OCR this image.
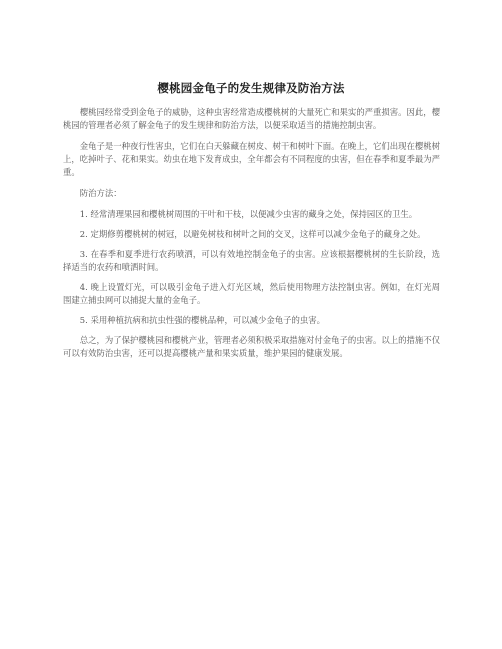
樱桃园金龟子的发生规律及防治方法

樱桃园经常受到金龟子的威胁，这种虫害经常造成樱桃树的大量死亡和果实的严重损害。因此，樱桃园的管理者必须了解金龟子的发生规律和防治方法，以便采取适当的措施控制虫害。

金龟子是一种夜行性害虫，它们在白天躲藏在树皮、树干和树叶下面。在晚上，它们出现在樱桃树上，吃掉叶子、花和果实。幼虫在地下发育成虫，全年都会有不同程度的虫害，但在春季和夏季最为严重。

防治方法：

1. 经常清理果园和樱桃树周围的干叶和干枝，以便减少虫害的藏身之处，保持园区的卫生。

2. 定期修剪樱桃树的树冠，以避免树枝和树叶之间的交叉，这样可以减少金龟子的藏身之处。

3. 在春季和夏季进行农药喷洒，可以有效地控制金龟子的虫害。应该根据樱桃树的生长阶段，选择适当的农药和喷洒时间。

4. 晚上设置灯光，可以吸引金龟子进入灯光区域，然后使用物理方法控制虫害。例如，在灯光周围建立捕虫网可以捕捉大量的金龟子。

5. 采用种植抗病和抗虫性强的樱桃品种，可以减少金龟子的虫害。

总之，为了保护樱桃园和樱桃产业，管理者必须积极采取措施对付金龟子的虫害。以上的措施不仅可以有效防治虫害，还可以提高樱桃产量和果实质量，维护果园的健康发展。
